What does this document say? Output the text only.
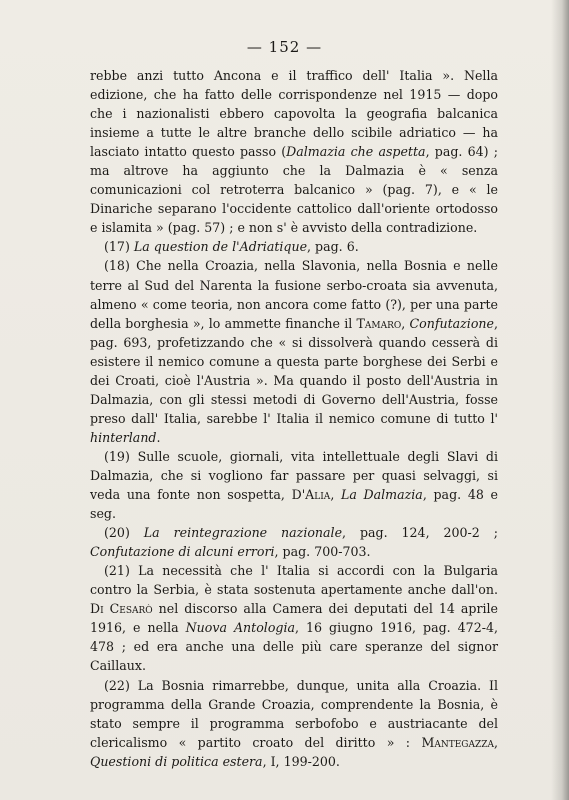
— 152 —

rebbe anzi tutto Ancona e il traffico dell' Italia ». Nella edizione, che ha fatto delle corrispondenze nel 1915 — dopo che i nazionalisti ebbero capovolta la geografia balcanica insieme a tutte le altre branche dello scibile adriatico — ha lasciato intatto questo passo (Dalmazia che aspetta, pag. 64) ; ma altrove ha aggiunto che la Dalmazia è « senza comunicazioni col retroterra balcanico » (pag. 7), e « le Dinariche separano l'occidente cattolico dall'oriente ortodosso e islamita » (pag. 57) ; e non s' è avvisto della contradizione.

(17) La question de l'Adriatique, pag. 6.

(18) Che nella Croazia, nella Slavonia, nella Bosnia e nelle terre al Sud del Narenta la fusione serbo-croata sia avvenuta, almeno « come teoria, non ancora come fatto (?), per una parte della borghesia », lo ammette finanche il Tamaro, Confutazione, pag. 693, profetizzando che « si dissolverà quando cesserà di esistere il nemico comune a questa parte borghese dei Serbi e dei Croati, cioè l'Austria ». Ma quando il posto dell'Austria in Dalmazia, con gli stessi metodi di Governo dell'Austria, fosse preso dall' Italia, sarebbe l' Italia il nemico comune di tutto l' hinterland.

(19) Sulle scuole, giornali, vita intellettuale degli Slavi di Dalmazia, che si vogliono far passare per quasi selvaggi, si veda una fonte non sospetta, D'Alia, La Dalmazia, pag. 48 e seg.

(20) La reintegrazione nazionale, pag. 124, 200-2 ; Confutazione di alcuni errori, pag. 700-703.

(21) La necessità che l' Italia si accordi con la Bulgaria contro la Serbia, è stata sostenuta apertamente anche dall'on. Di Cesarò nel discorso alla Camera dei deputati del 14 aprile 1916, e nella Nuova Antologia, 16 giugno 1916, pag. 472-4, 478 ; ed era anche una delle più care speranze del signor Caillaux.

(22) La Bosnia rimarrebbe, dunque, unita alla Croazia. Il programma della Grande Croazia, comprendente la Bosnia, è stato sempre il programma serbofobo e austriacante del clericalismo « partito croato del diritto » : Mantegazza, Questioni di politica estera, I, 199-200.
